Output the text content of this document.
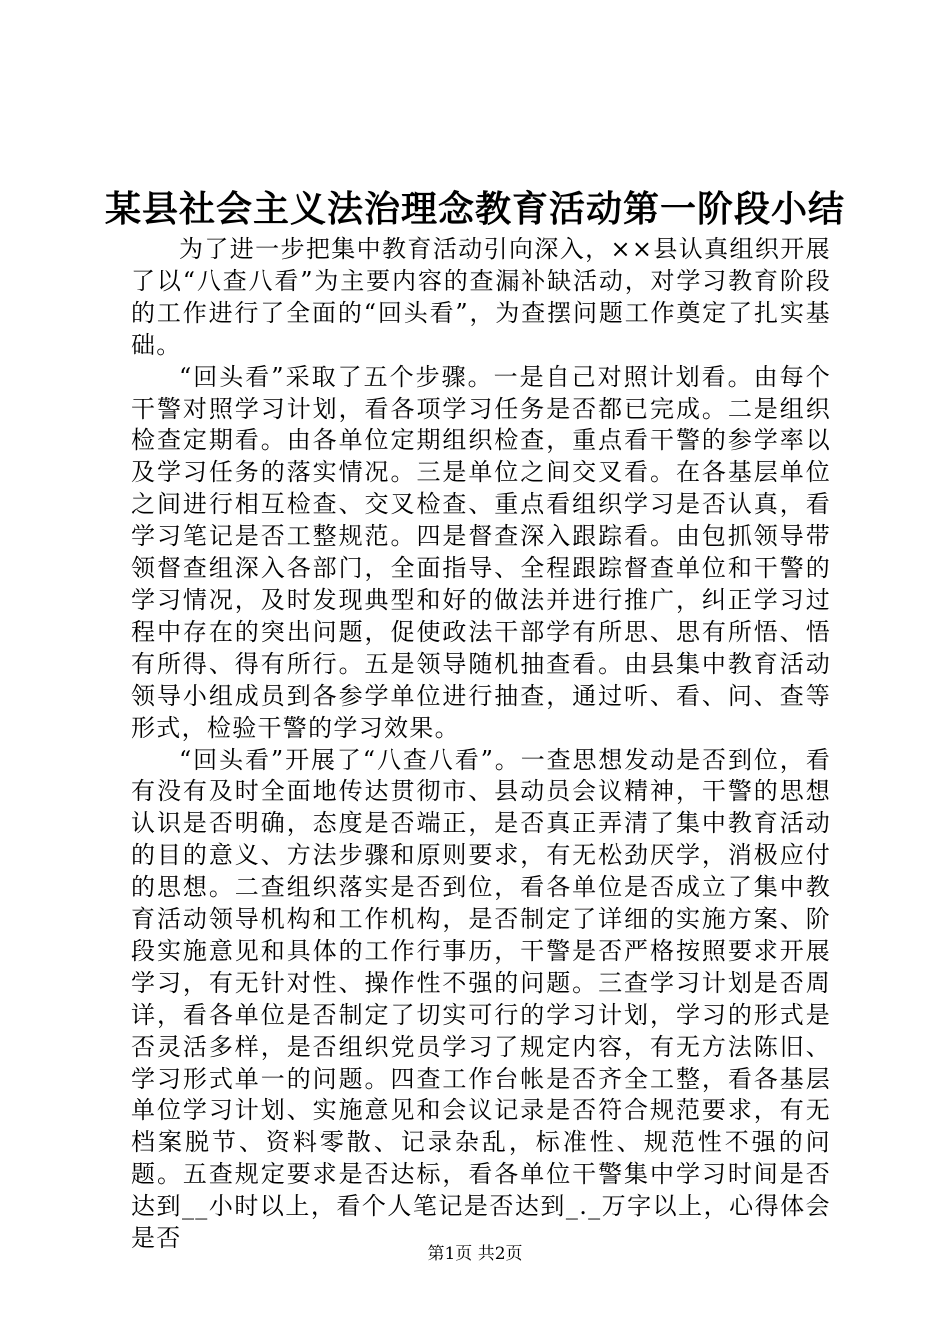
某县社会主义法治理念教育活动第一阶段小结

为了进一步把集中教育活动引向深入，××县认真组织开展了以“八查八看”为主要内容的查漏补缺活动，对学习教育阶段的工作进行了全面的“回头看”，为查摆问题工作奠定了扎实基础。

“回头看”采取了五个步骤。一是自己对照计划看。由每个干警对照学习计划，看各项学习任务是否都已完成。二是组织检查定期看。由各单位定期组织检查，重点看干警的参学率以及学习任务的落实情况。三是单位之间交叉看。在各基层单位之间进行相互检查、交叉检查、重点看组织学习是否认真，看学习笔记是否工整规范。四是督查深入跟踪看。由包抓领导带领督查组深入各部门，全面指导、全程跟踪督查单位和干警的学习情况，及时发现典型和好的做法并进行推广，纠正学习过程中存在的突出问题，促使政法干部学有所思、思有所悟、悟有所得、得有所行。五是领导随机抽查看。由县集中教育活动领导小组成员到各参学单位进行抽查，通过听、看、问、查等形式，检验干警的学习效果。

“回头看”开展了“八查八看”。一查思想发动是否到位，看有没有及时全面地传达贯彻市、县动员会议精神，干警的思想认识是否明确，态度是否端正，是否真正弄清了集中教育活动的目的意义、方法步骤和原则要求，有无松劲厌学，消极应付的思想。二查组织落实是否到位，看各单位是否成立了集中教育活动领导机构和工作机构，是否制定了详细的实施方案、阶段实施意见和具体的工作行事历，干警是否严格按照要求开展学习，有无针对性、操作性不强的问题。三查学习计划是否周详，看各单位是否制定了切实可行的学习计划，学习的形式是否灵活多样，是否组织党员学习了规定内容，有无方法陈旧、学习形式单一的问题。四查工作台帐是否齐全工整，看各基层单位学习计划、实施意见和会议记录是否符合规范要求，有无档案脱节、资料零散、记录杂乱，标准性、规范性不强的问题。五查规定要求是否达标，看各单位干警集中学习时间是否达到__小时以上，看个人笔记是否达到_._万字以上，心得体会是否

第1页 共2页
